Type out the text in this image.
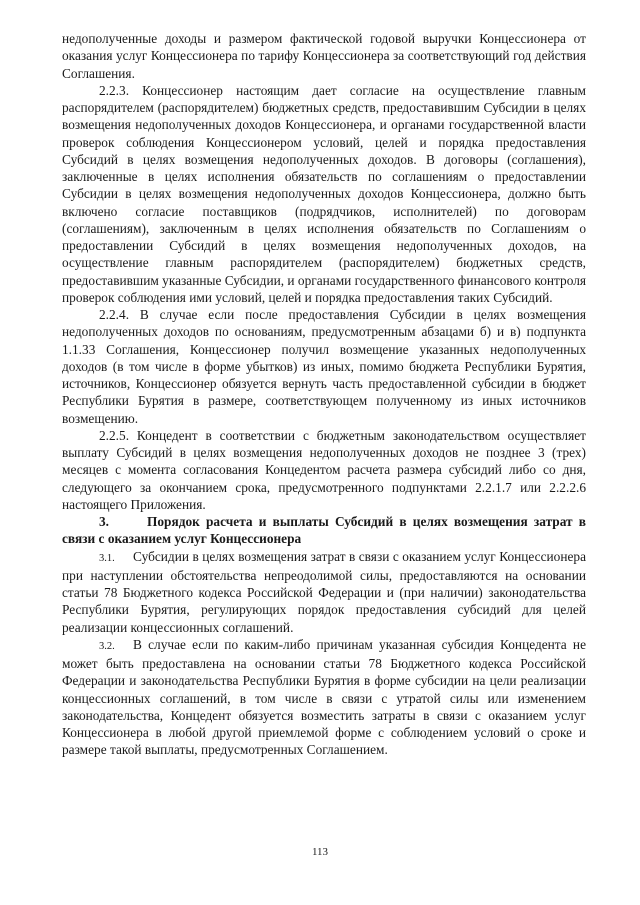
недополученные доходы и размером фактической годовой выручки Концессионера от оказания услуг Концессионера по тарифу Концессионера за соответствующий год действия Соглашения.

2.2.3. Концессионер настоящим дает согласие на осуществление главным распорядителем (распорядителем) бюджетных средств, предоставившим Субсидии в целях возмещения недополученных доходов Концессионера, и органами государственной власти проверок соблюдения Концессионером условий, целей и порядка предоставления Субсидий в целях возмещения недополученных доходов. В договоры (соглашения), заключенные в целях исполнения обязательств по соглашениям о предоставлении Субсидии в целях возмещения недополученных доходов Концессионера, должно быть включено согласие поставщиков (подрядчиков, исполнителей) по договорам (соглашениям), заключенным в целях исполнения обязательств по Соглашениям о предоставлении Субсидий в целях возмещения недополученных доходов, на осуществление главным распорядителем (распорядителем) бюджетных средств, предоставившим указанные Субсидии, и органами государственного финансового контроля проверок соблюдения ими условий, целей и порядка предоставления таких Субсидий.

2.2.4. В случае если после предоставления Субсидии в целях возмещения недополученных доходов по основаниям, предусмотренным абзацами б) и в) подпункта 1.1.33 Соглашения, Концессионер получил возмещение указанных недополученных доходов (в том числе в форме убытков) из иных, помимо бюджета Республики Бурятия, источников, Концессионер обязуется вернуть часть предоставленной субсидии в бюджет Республики Бурятия в размере, соответствующем полученному из иных источников возмещению.

2.2.5. Концедент в соответствии с бюджетным законодательством осуществляет выплату Субсидий в целях возмещения недополученных доходов не позднее 3 (трех) месяцев с момента согласования Концедентом расчета размера субсидий либо со дня, следующего за окончанием срока, предусмотренного подпунктами 2.2.1.7 или 2.2.2.6 настоящего Приложения.

3.	Порядок расчета и выплаты Субсидий в целях возмещения затрат в связи с оказанием услуг Концессионера

3.1. Субсидии в целях возмещения затрат в связи с оказанием услуг Концессионера при наступлении обстоятельства непреодолимой силы, предоставляются на основании статьи 78 Бюджетного кодекса Российской Федерации и (при наличии) законодательства Республики Бурятия, регулирующих порядок предоставления субсидий для целей реализации концессионных соглашений.

3.2. В случае если по каким-либо причинам указанная субсидия Концедента не может быть предоставлена на основании статьи 78 Бюджетного кодекса Российской Федерации и законодательства Республики Бурятия в форме субсидии на цели реализации концессионных соглашений, в том числе в связи с утратой силы или изменением законодательства, Концедент обязуется возместить затраты в связи с оказанием услуг Концессионера в любой другой приемлемой форме с соблюдением условий о сроке и размере такой выплаты, предусмотренных Соглашением.

113
